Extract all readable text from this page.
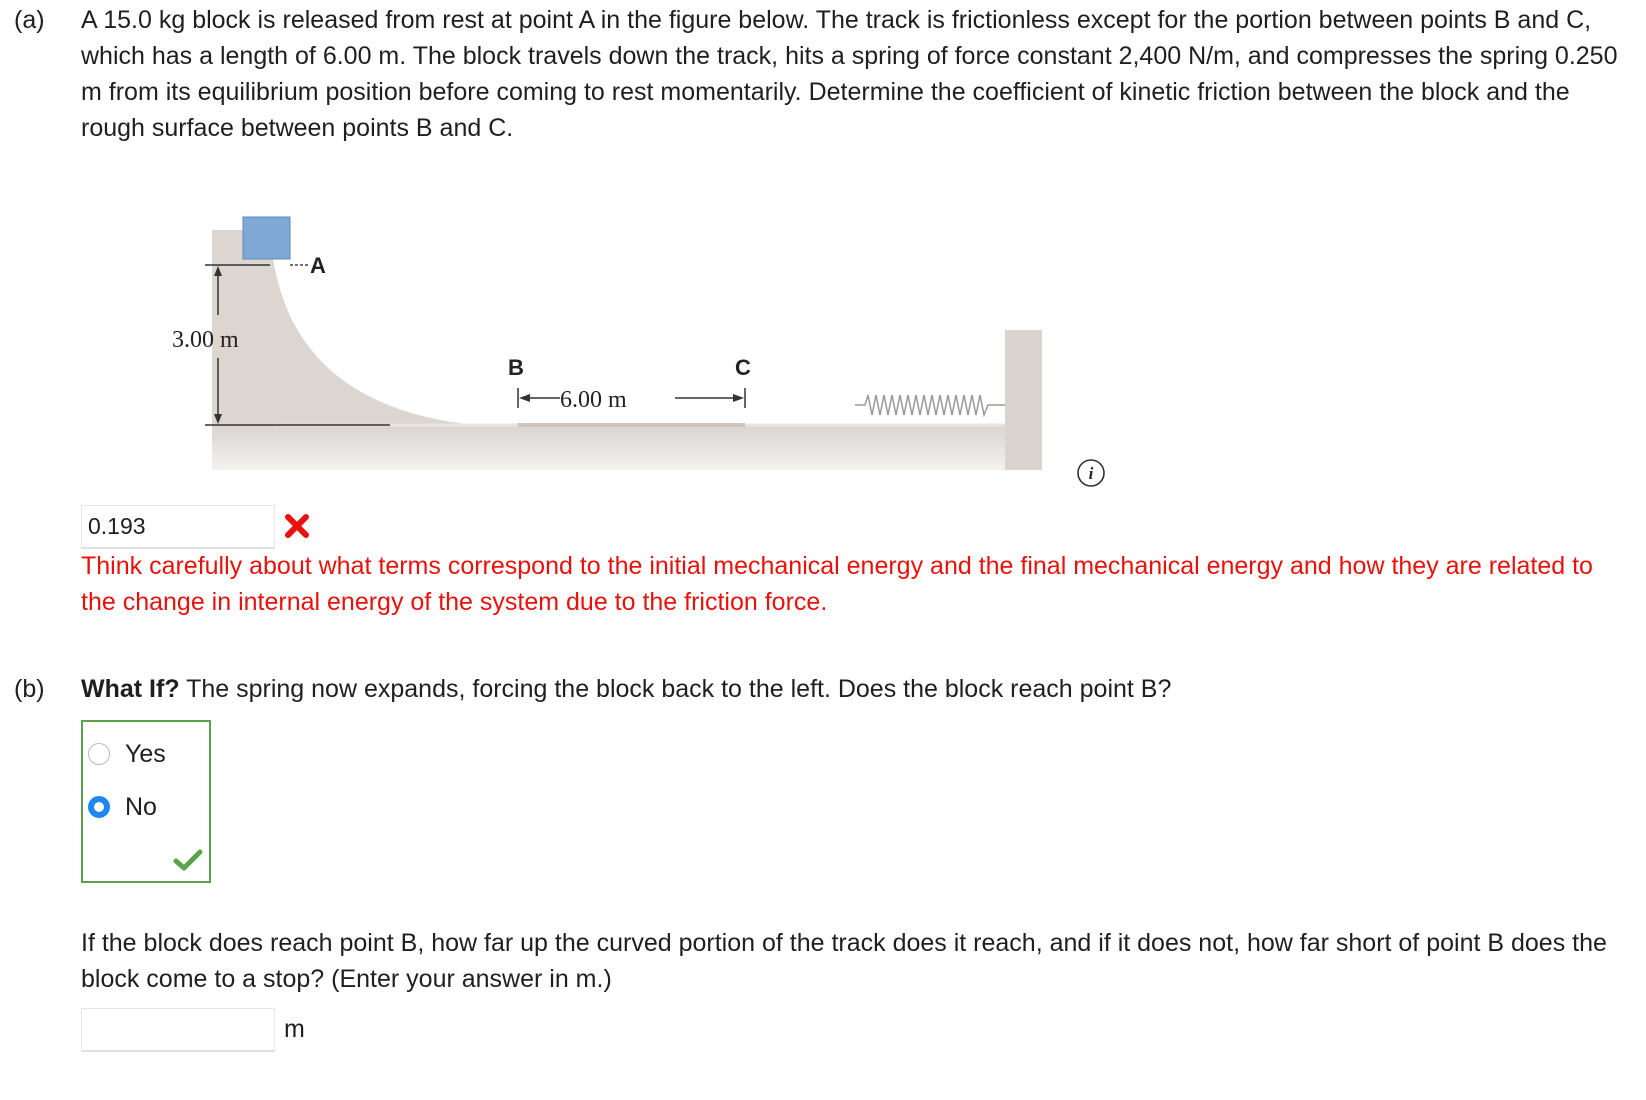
(a) A 15.0 kg block is released from rest at point A in the figure below. The track is frictionless except for the portion between points B and C, which has a length of 6.00 m. The block travels down the track, hits a spring of force constant 2,400 N/m, and compresses the spring 0.250 m from its equilibrium position before coming to rest momentarily. Determine the coefficient of kinetic friction between the block and the rough surface between points B and C.
A
3.00 m
B	C
6.00 m
i
0.193
Think carefully about what terms correspond to the initial mechanical energy and the final mechanical energy and how they are related to the change in internal energy of the system due to the friction force.
(b) What If? The spring now expands, forcing the block back to the left. Does the block reach point B?
Yes
No
If the block does reach point B, how far up the curved portion of the track does it reach, and if it does not, how far short of point B does the block come to a stop? (Enter your answer in m.)
m
